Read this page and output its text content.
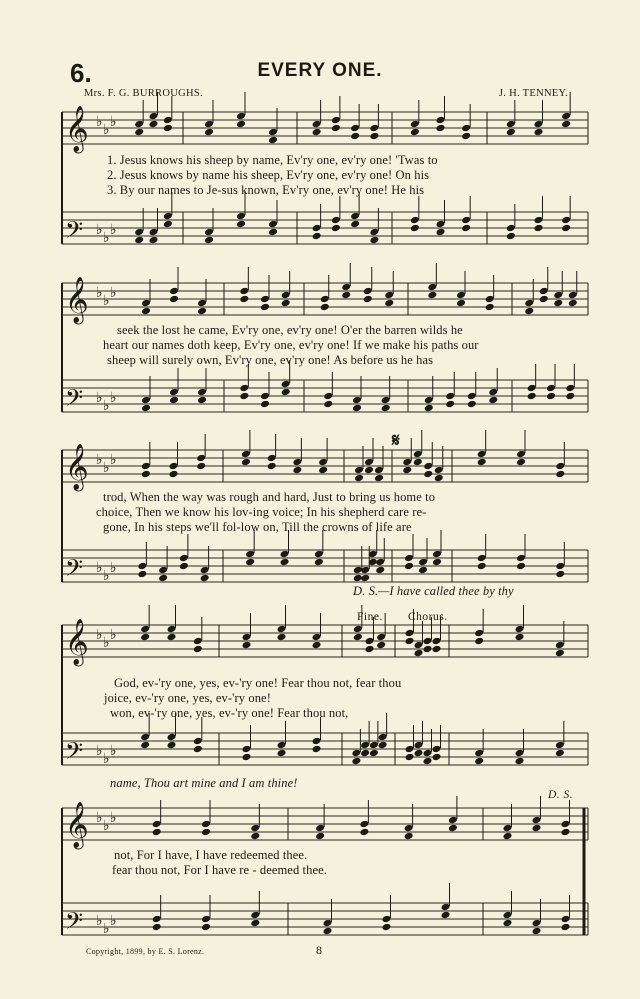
𝄞 ♭ ♭ ♭
𝄢 ♭ ♭ ♭
𝄞 ♭ ♭ ♭
𝄢 ♭ ♭ ♭
𝄞 ♭ ♭ ♭
𝄢 ♭ ♭ ♭
𝄞 ♭ ♭ ♭
𝄢 ♭ ♭ ♭
𝄞 ♭ ♭ ♭
𝄢 ♭ ♭ ♭
6.	EVERY ONE.
Mrs. F. G. BURROUGHS.	J. H. TENNEY.
1. Jesus knows his sheep by name, Ev'ry one, ev'ry one! 'Twas to
2. Jesus knows by name his sheep, Ev'ry one, ev'ry one! On his
3. By our names to Je-sus known, Ev'ry one, ev'ry one! He his
seek the lost he came, Ev'ry one, ev'ry one! O'er the barren wilds he
heart our names doth keep, Ev'ry one, ev'ry one! If we make his paths our
sheep will surely own, Ev'ry one, ev'ry one! As before us he has
𝄋
trod, When the way was rough and hard, Just to bring us home to
choice, Then we know his lov-ing voice; In his shepherd care re-
gone, In his steps we'll fol-low on, Till the crowns of life are
D. S.—I have called thee by thy
Fine. Chorus.
God, ev-'ry one, yes, ev-'ry one! Fear thou not, fear thou
joice, ev-'ry one, yes, ev-'ry one!
won, ev-'ry one, yes, ev-'ry one! Fear thou not,
name, Thou art mine and I am thine!
D. S.
not, For I have, I have redeemed thee.
fear thou not, For I have re - deemed thee.
Copyright, 1899, by E. S. Lorenz.	8
